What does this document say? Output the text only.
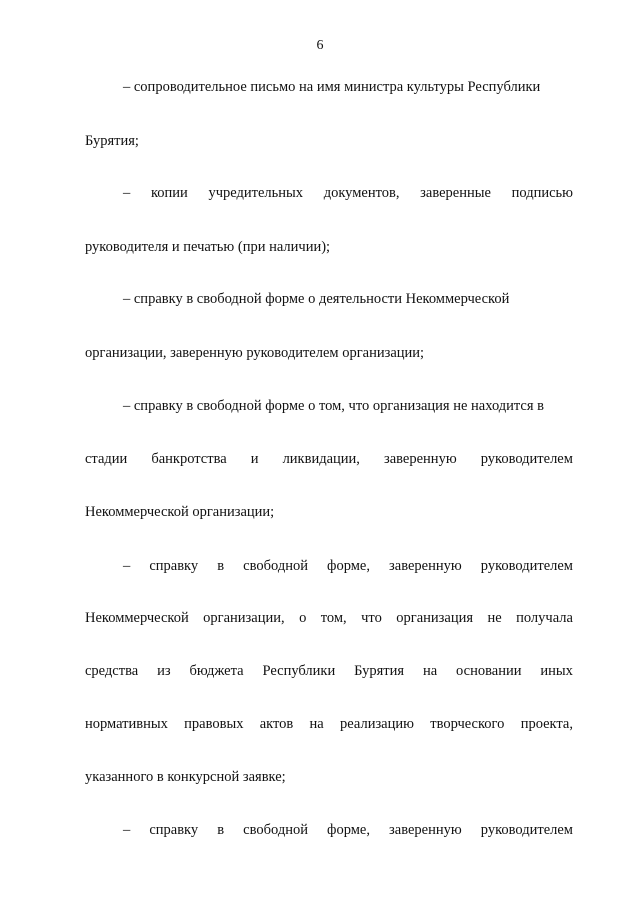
6
– сопроводительное письмо на имя министра культуры Республики
Бурятия;
– копии учредительных документов, заверенные подписью
руководителя и печатью (при наличии);
– справку в свободной форме о деятельности Некоммерческой
организации, заверенную руководителем организации;
– справку в свободной форме о том, что организация не находится в
стадии банкротства и ликвидации, заверенную руководителем
Некоммерческой организации;
– справку в свободной форме, заверенную руководителем
Некоммерческой организации, о том, что организация не получала
средства из бюджета Республики Бурятия на основании иных
нормативных правовых актов на реализацию творческого проекта,
указанного в конкурсной заявке;
– справку в свободной форме, заверенную руководителем
